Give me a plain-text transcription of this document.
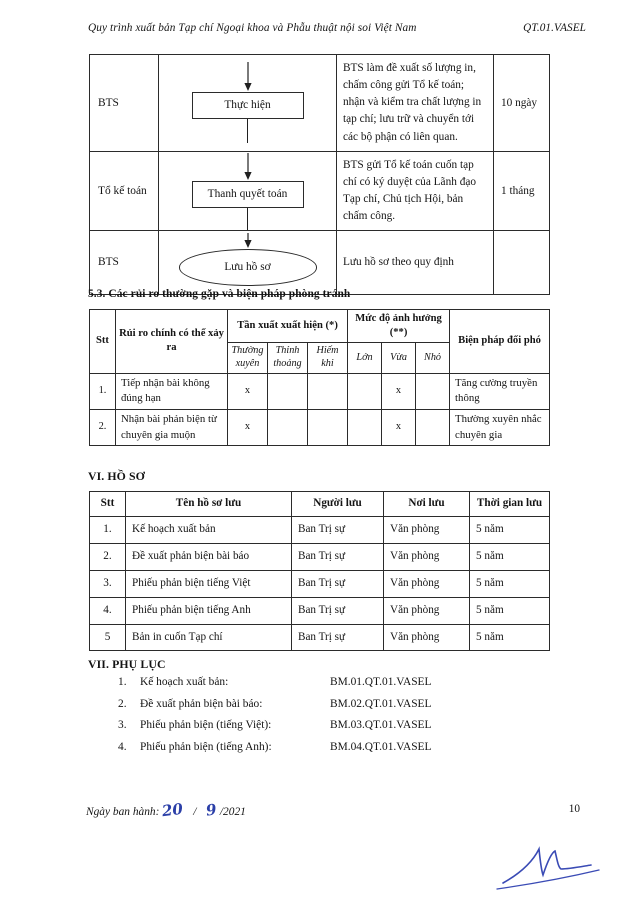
Quy trình xuất bản Tạp chí Ngoại khoa và Phẫu thuật nội soi Việt Nam	QT.01.VASEL
BTS	Thực hiện	BTS làm đề xuất số lượng in, chấm công gửi Tổ kế toán; nhận và kiểm tra chất lượng in tạp chí; lưu trữ và chuyển tới các bộ phận có liên quan.	10 ngày
Tổ kế toán	Thanh quyết toán	BTS gửi Tổ kế toán cuốn tạp chí có ký duyệt của Lãnh đạo Tạp chí, Chủ tịch Hội, bản chấm công.	1 tháng
BTS	Lưu hồ sơ	Lưu hồ sơ theo quy định	
5.3. Các rủi ro thường gặp và biện pháp phòng tránh
Stt	Rủi ro chính có thể xảy ra	Tần xuất xuất hiện (*)			Mức độ ảnh hưởng (**)			Biện pháp đối phó
		Thường xuyên	Thỉnh thoảng	Hiếm khi	Lớn	Vừa	Nhỏ	
1.	Tiếp nhận bài không đúng hạn	x				x		Tăng cường truyền thông
2.	Nhận bài phản biện từ chuyên gia muộn	x				x		Thường xuyên nhắc chuyên gia
VI. HỒ SƠ
Stt	Tên hồ sơ lưu	Người lưu	Nơi lưu	Thời gian lưu
1.	Kế hoạch xuất bản	Ban Trị sự	Văn phòng	5 năm
2.	Đề xuất phản biện bài báo	Ban Trị sự	Văn phòng	5 năm
3.	Phiếu phản biện tiếng Việt	Ban Trị sự	Văn phòng	5 năm
4.	Phiếu phản biện tiếng Anh	Ban Trị sự	Văn phòng	5 năm
5	Bản in cuốn Tạp chí	Ban Trị sự	Văn phòng	5 năm
VII. PHỤ LỤC
1.	Kế hoạch xuất bản:	BM.01.QT.01.VASEL
2.	Đề xuất phản biện bài báo:	BM.02.QT.01.VASEL
3.	Phiếu phản biện (tiếng Việt):	BM.03.QT.01.VASEL
4.	Phiếu phản biện (tiếng Anh):	BM.04.QT.01.VASEL
Ngày ban hành: 20 / 9 /2021	10
